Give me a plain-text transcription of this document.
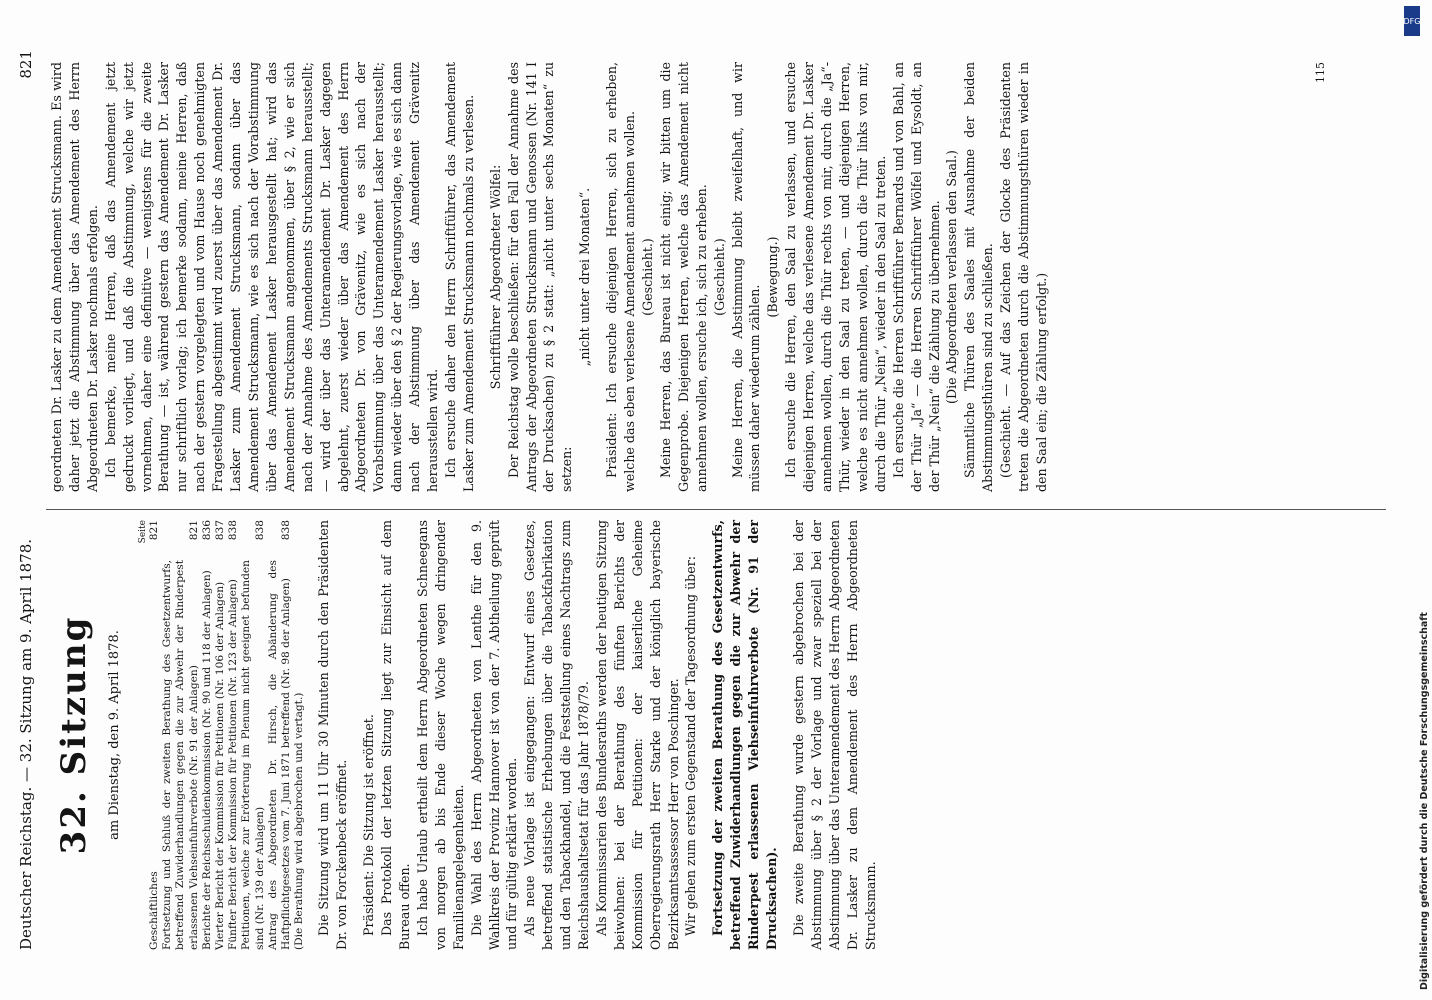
Deutscher Reichstag. — 32. Sitzung am 9. April 1878.
821
32. Sitzung am Dienstag, den 9. April 1878.
Seite
Geschäftliches
821
Fortsetzung und Schluß der zweiten Berathung des Gesetzentwurfs, betreffend Zuwiderhandlungen gegen die zur Abwehr der Rinderpest erlassenen Viehseinfuhrverbote (Nr. 91 der Anlagen)
821
Berichte der Reichsschuldenkommission (Nr. 90 und 118 der Anlagen)
836
Vierter Bericht der Kommission für Petitionen (Nr. 106 der Anlagen)
837
Fünfter Bericht der Kommission für Petitionen (Nr. 123 der Anlagen)
838
Petitionen, welche zur Erörterung im Plenum nicht geeignet befunden sind (Nr. 139 der Anlagen)
838
Antrag des Abgeordneten Dr. Hirsch, die Abänderung des Haftpflichtgesetzes vom 7. Juni 1871 betreffend (Nr. 98 der Anlagen)
838
(Die Berathung wird abgebrochen und vertagt.) Die Sitzung wird um 11 Uhr 30 Minuten durch den Präsidenten Dr. von Forckenbeck eröffnet. Präsident: Die Sitzung ist eröffnet. Das Protokoll der letzten Sitzung liegt zur Einsicht auf dem Bureau offen. Ich habe Urlaub ertheilt dem Herrn Abgeordneten Schneegans von morgen ab bis Ende dieser Woche wegen dringender Familienangelegenheiten. Die Wahl des Herrn Abgeordneten von Lenthe für den 9. Wahlkreis der Provinz Hannover ist von der 7. Abtheilung geprüft und für gültig erklärt worden. Als neue Vorlage ist eingegangen: Entwurf eines Gesetzes, betreffend statistische Erhebungen über die Tabackfabrikation und den Tabackhandel, und die Feststellung eines Nachtrags zum Reichshaushaltsetat für das Jahr 1878/79. Als Kommissarien des Bundesraths werden der heutigen Sitzung beiwohnen: bei der Berathung des fünften Berichts der Kommission für Petitionen: der kaiserliche Geheime Oberregierungsrath Herr Starke und der königlich bayerische Bezirksamtsassessor Herr von Poschinger. Wir gehen zum ersten Gegenstand der Tagesordnung über: Fortsetzung der zweiten Berathung des Gesetzentwurfs, betreffend Zuwiderhandlungen gegen die zur Abwehr der Rinderpest erlassenen Viehseinfuhrverbote (Nr. 91 der Drucksachen). Die zweite Berathung wurde gestern abgebrochen bei der Abstimmung über § 2 der Vorlage und zwar speziell bei der Abstimmung über das Unteramendement des Herrn Abgeordneten Dr. Lasker zu dem Amendement des Herrn Abgeordneten Strucksmann.

geordneten Dr. Lasker zu dem Amendement Strucksmann. Es wird daher jetzt die Abstimmung über das Amendement des Herrn Abgeordneten Dr. Lasker nochmals erfolgen. Ich bemerke, meine Herren, daß das Amendement jetzt gedruckt vorliegt, und daß die Abstimmung, welche wir jetzt vornehmen, daher eine definitive — wenigstens für die zweite Berathung — ist, während gestern das Amendement Dr. Lasker nur schriftlich vorlag; ich bemerke sodann, meine Herren, daß nach der gestern vorgelegten und vom Hause noch genehmigten Fragestellung abgestimmt wird zuerst über das Amendement Dr. Lasker zum Amendement Strucksmann, sodann über das Amendement Strucksmann, wie es sich nach der Vorabstimmung über das Amendement Lasker herausgestellt hat; wird das Amendement Strucksmann angenommen, über § 2, wie er sich nach der Annahme des Amendements Strucksmann herausstellt; — wird der über das Unteramendement Dr. Lasker dagegen abgelehnt, zuerst wieder über das Amendement des Herrn Abgeordneten Dr. von Grävenitz, wie es sich nach der Vorabstimmung über das Unteramendement Lasker herausstellt; dann wieder über den § 2 der Regierungsvorlage, wie es sich dann nach der Abstimmung über das Amendement Grävenitz herausstellen wird. Ich ersuche daher den Herrn Schriftführer, das Amendement Lasker zum Amendement Strucksmann nochmals zu verlesen. Schriftführer Abgeordneter Wölfel: Der Reichstag wolle beschließen: für den Fall der Annahme des Antrags der Abgeordneten Strucksmann und Genossen (Nr. 141 I der Drucksachen) zu § 2 statt: „nicht unter sechs Monaten“ zu setzen:

„nicht unter drei Monaten“. Präsident: Ich ersuche diejenigen Herren, sich zu erheben, welche das eben verlesene Amendement annehmen wollen. (Geschieht.) Meine Herren, das Bureau ist nicht einig; wir bitten um die Gegenprobe. Diejenigen Herren, welche das Amendement nicht annehmen wollen, ersuche ich, sich zu erheben. (Geschieht.) Meine Herren, die Abstimmung bleibt zweifelhaft, und wir müssen daher wiederum zählen.

(Bewegung.) Ich ersuche die Herren, den Saal zu verlassen, und ersuche diejenigen Herren, welche das verlesene Amendement Dr. Lasker annehmen wollen, durch die Thür rechts von mir, durch die „Ja“-Thür, wieder in den Saal zu treten, — und diejenigen Herren, welche es nicht annehmen wollen, durch die Thür links von mir, durch die Thür „Nein“, wieder in den Saal zu treten. Ich ersuche die Herren Schriftführer Bernards und von Bahl, an der Thür „Ja“ — die Herren Schriftführer Wölfel und Eysoldt, an der Thür „Nein“ die Zählung zu übernehmen. (Die Abgeordneten verlassen den Saal.) Sämmtliche Thüren des Saales mit Ausnahme der beiden Abstimmungsthüren sind zu schließen. (Geschieht. — Auf das Zeichen der Glocke des Präsidenten treten die Abgeordneten durch die Abstimmungsthüren wieder in den Saal ein; die Zählung erfolgt.)

115
Digitalisierung gefördert durch die Deutsche Forschungsgemeinschaft
DFG
